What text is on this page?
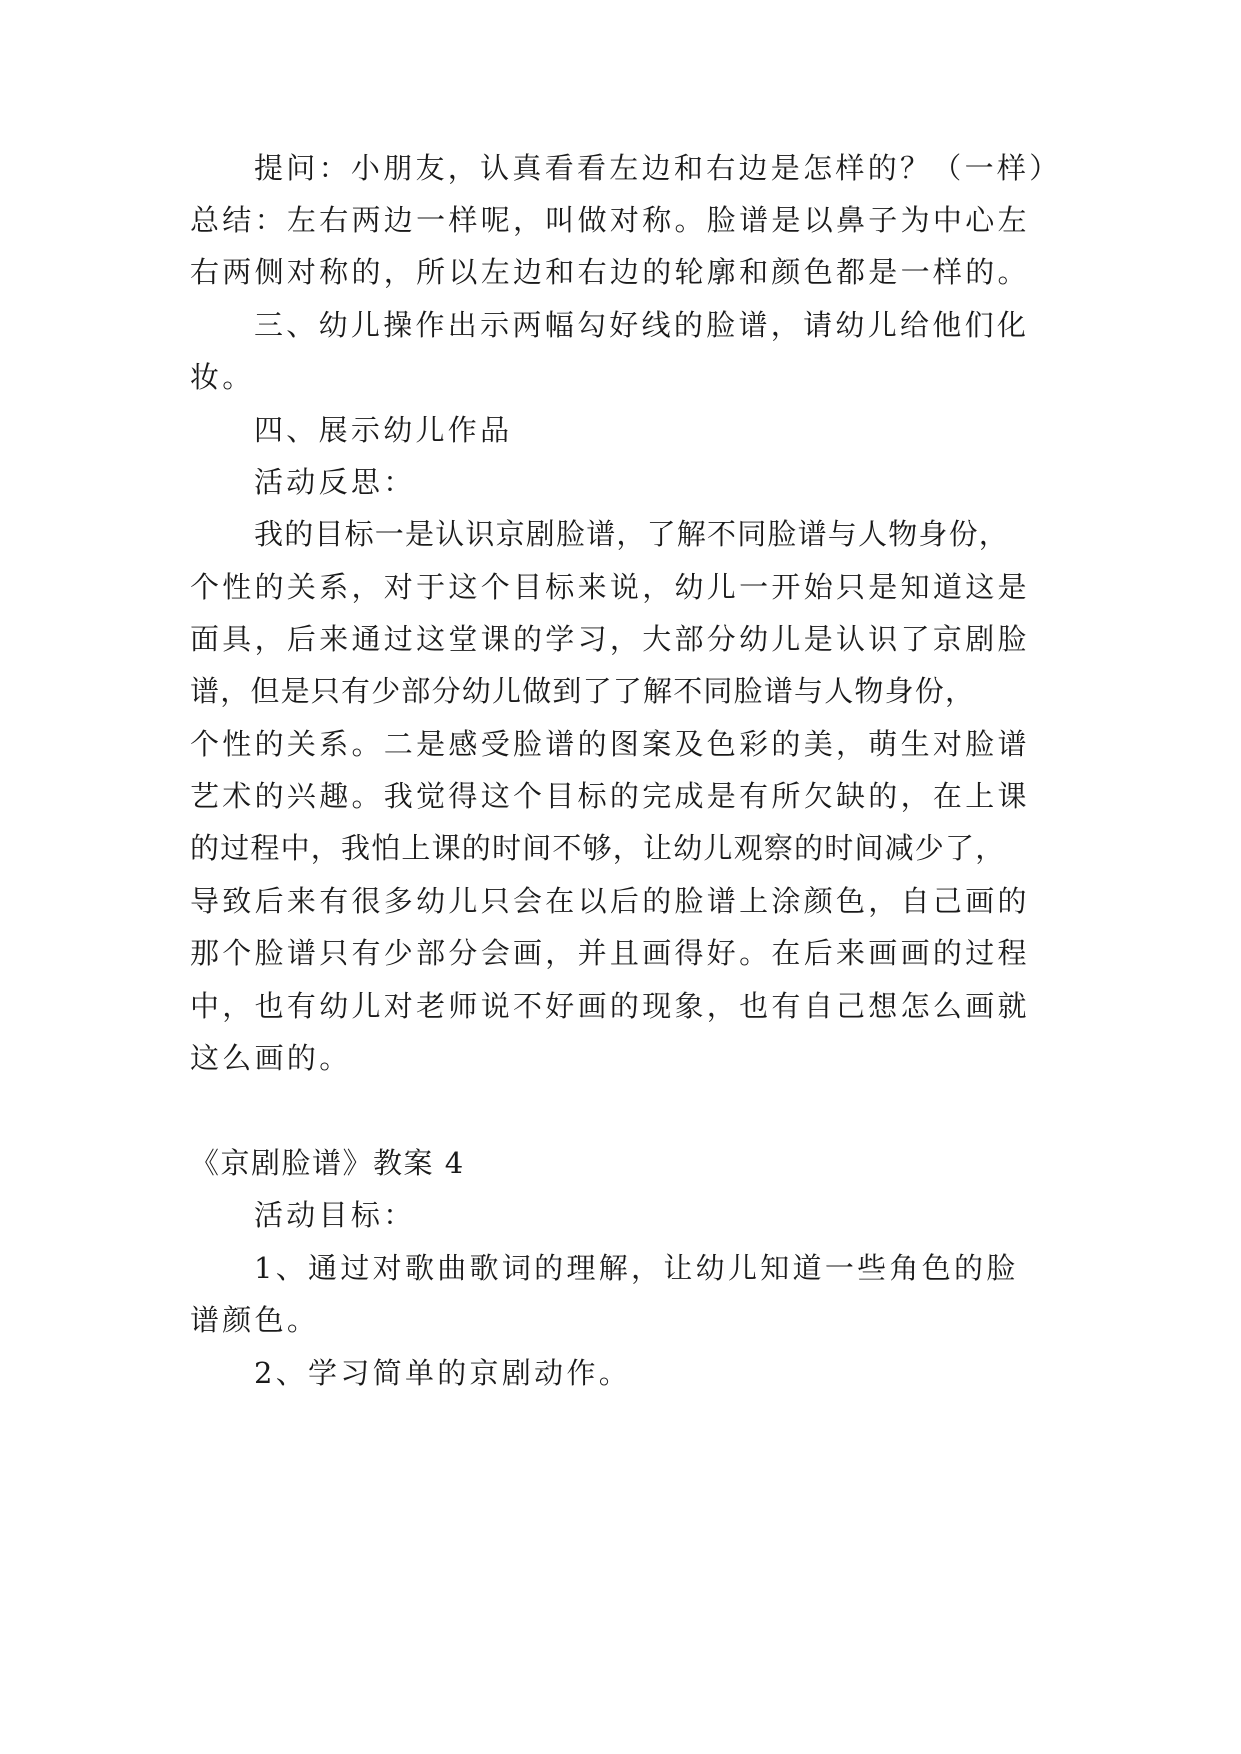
提问：小朋友，认真看看左边和右边是怎样的？（一样）
总结：左右两边一样呢，叫做对称。脸谱是以鼻子为中心左
右两侧对称的，所以左边和右边的轮廓和颜色都是一样的。
三、幼儿操作出示两幅勾好线的脸谱，请幼儿给他们化
妆。
四、展示幼儿作品
活动反思：
我的目标一是认识京剧脸谱，了解不同脸谱与人物身份，
个性的关系，对于这个目标来说，幼儿一开始只是知道这是
面具，后来通过这堂课的学习，大部分幼儿是认识了京剧脸
谱，但是只有少部分幼儿做到了了解不同脸谱与人物身份，
个性的关系。二是感受脸谱的图案及色彩的美，萌生对脸谱
艺术的兴趣。我觉得这个目标的完成是有所欠缺的，在上课
的过程中，我怕上课的时间不够，让幼儿观察的时间减少了，
导致后来有很多幼儿只会在以后的脸谱上涂颜色，自己画的
那个脸谱只有少部分会画，并且画得好。在后来画画的过程
中，也有幼儿对老师说不好画的现象，也有自己想怎么画就
这么画的。
《京剧脸谱》教案 4
活动目标：
1、通过对歌曲歌词的理解，让幼儿知道一些角色的脸
谱颜色。
2、学习简单的京剧动作。
